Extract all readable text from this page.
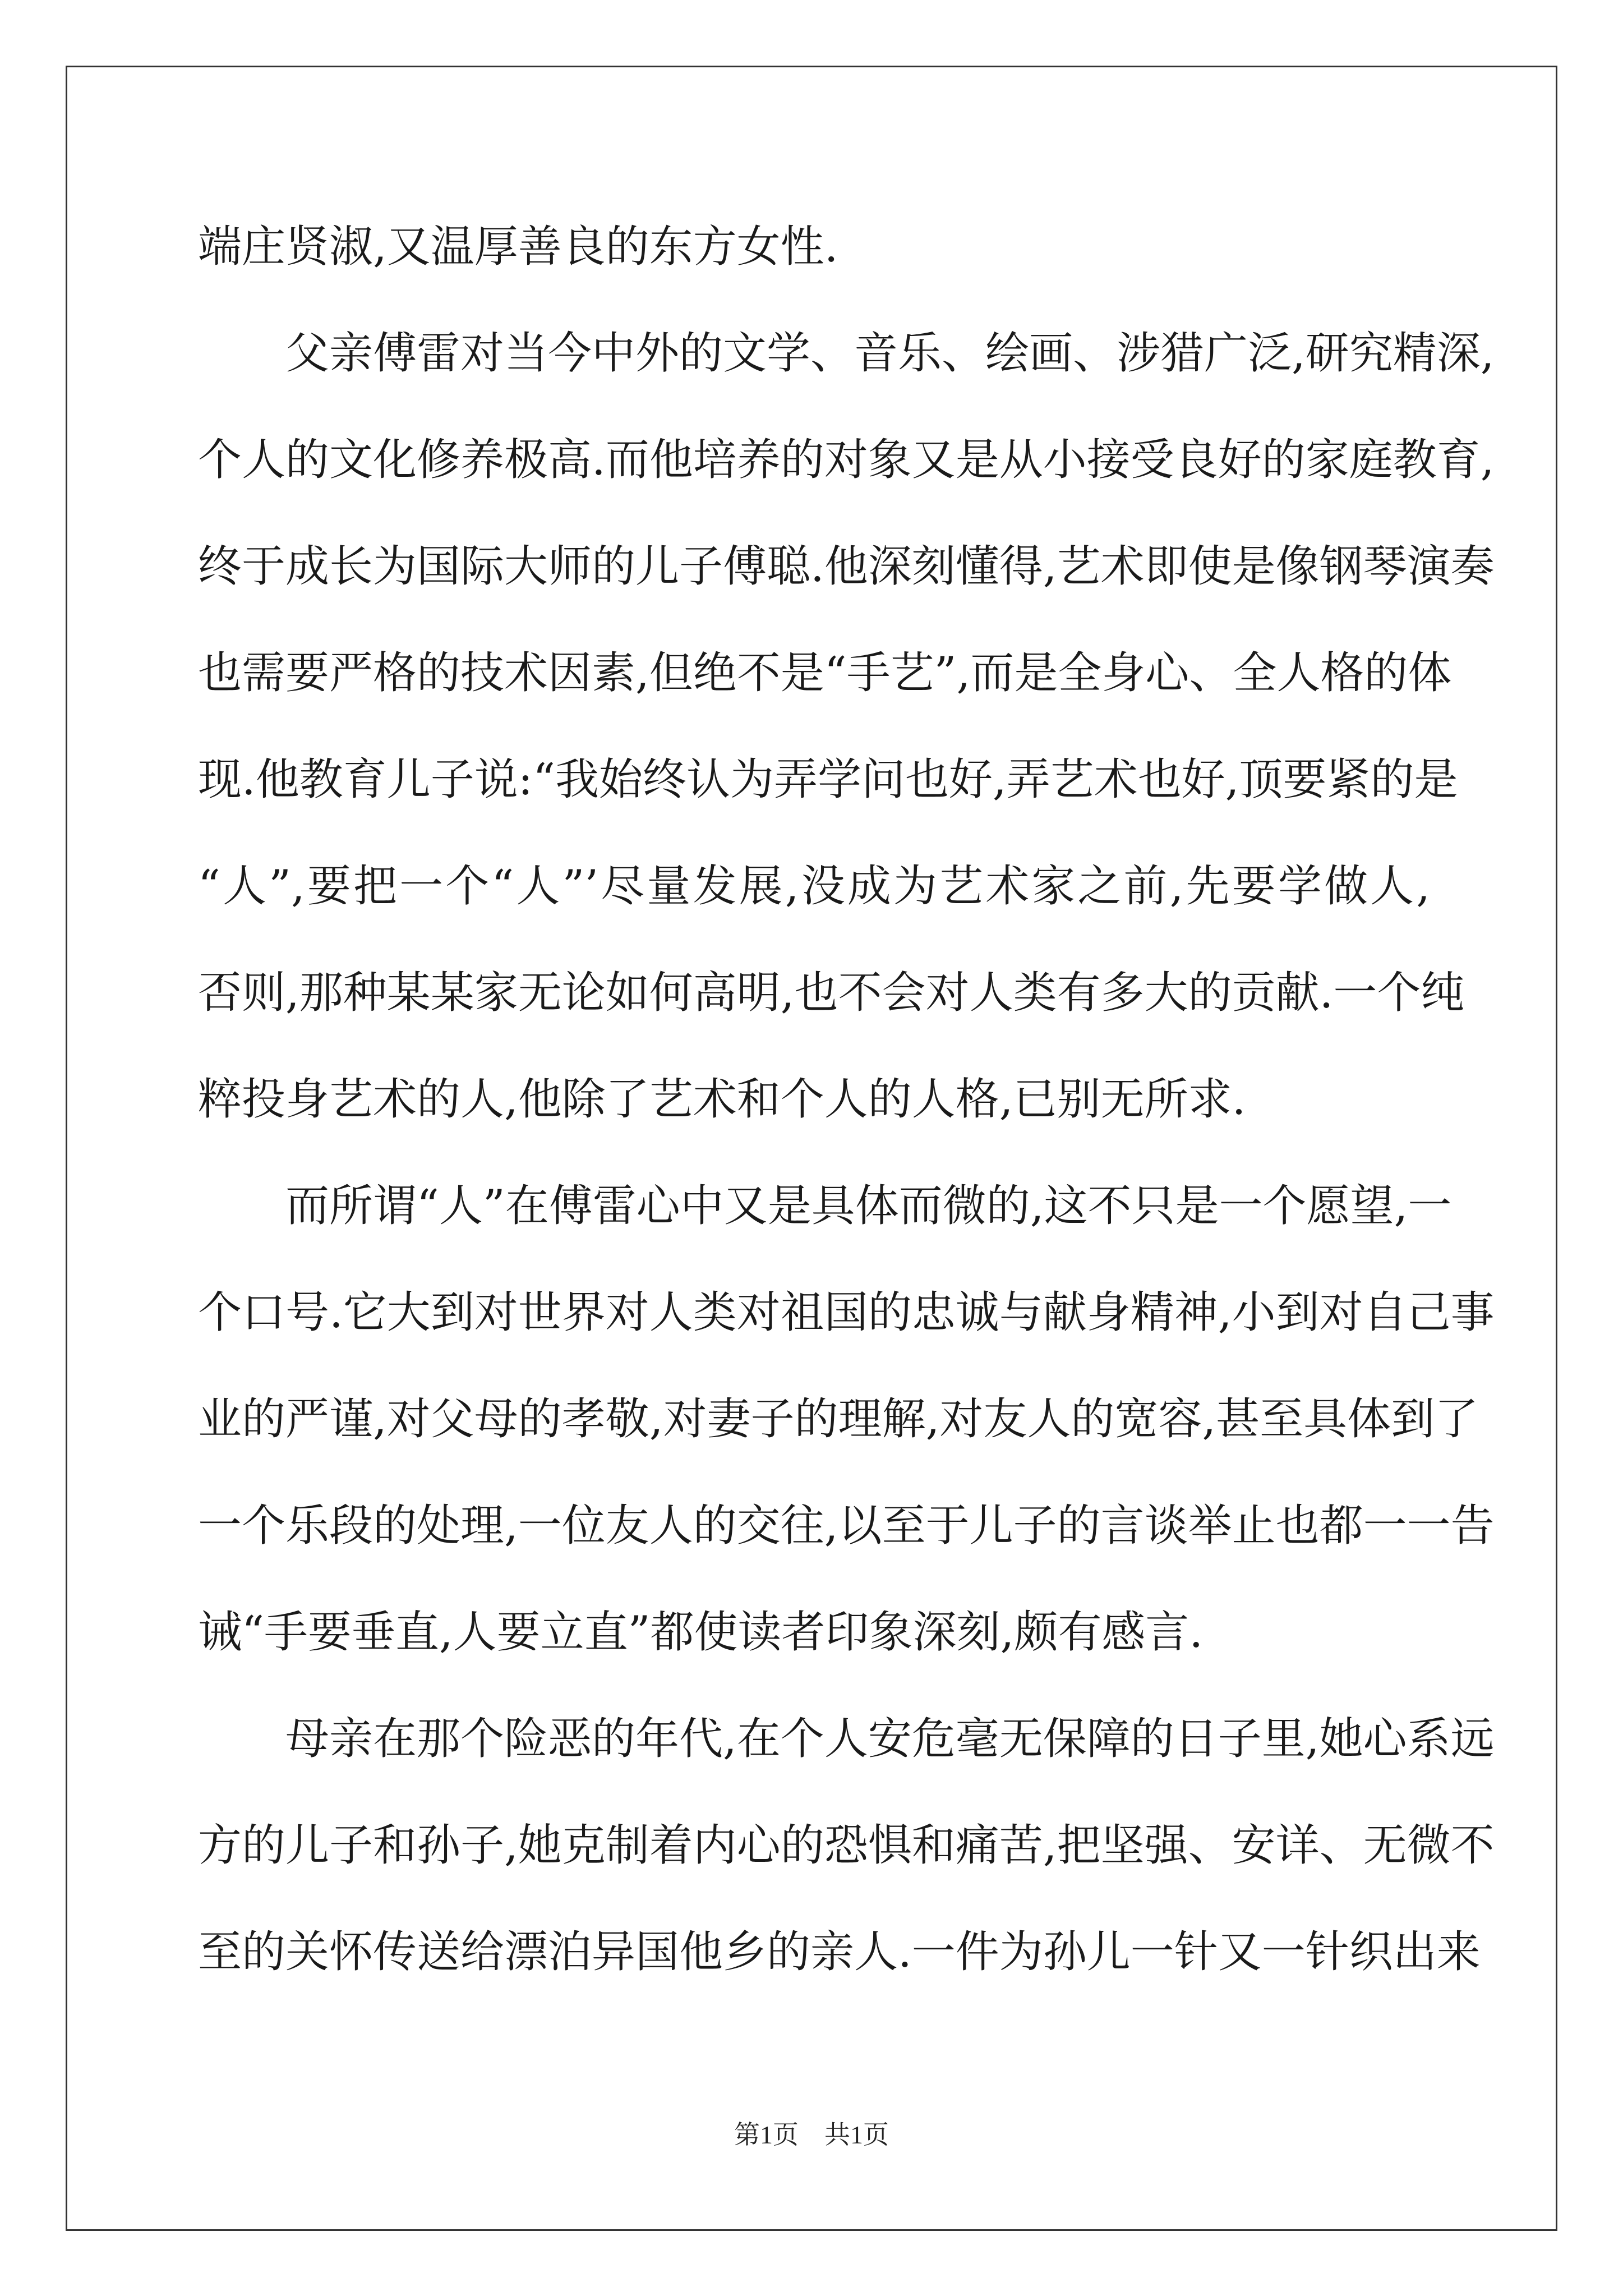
端庄贤淑,又温厚善良的东方女性.
　　父亲傅雷对当今中外的文学、音乐、绘画、涉猎广泛,研究精深,
个人的文化修养极高.而他培养的对象又是从小接受良好的家庭教育,
终于成长为国际大师的儿子傅聪.他深刻懂得,艺术即使是像钢琴演奏
也需要严格的技术因素,但绝不是“手艺”,而是全身心、全人格的体
现.他教育儿子说:“我始终认为弄学问也好,弄艺术也好,顶要紧的是
“人”,要把一个“人”’尽量发展,没成为艺术家之前,先要学做人,
否则,那种某某家无论如何高明,也不会对人类有多大的贡献.一个纯
粹投身艺术的人,他除了艺术和个人的人格,已别无所求.
　　而所谓“人”在傅雷心中又是具体而微的,这不只是一个愿望,一
个口号.它大到对世界对人类对祖国的忠诚与献身精神,小到对自己事
业的严谨,对父母的孝敬,对妻子的理解,对友人的宽容,甚至具体到了
一个乐段的处理,一位友人的交往,以至于儿子的言谈举止也都一一告
诫“手要垂直,人要立直”都使读者印象深刻,颇有感言.
　　母亲在那个险恶的年代,在个人安危毫无保障的日子里,她心系远
方的儿子和孙子,她克制着内心的恐惧和痛苦,把坚强、安详、无微不
至的关怀传送给漂泊异国他乡的亲人.一件为孙儿一针又一针织出来
第1页 共1页
